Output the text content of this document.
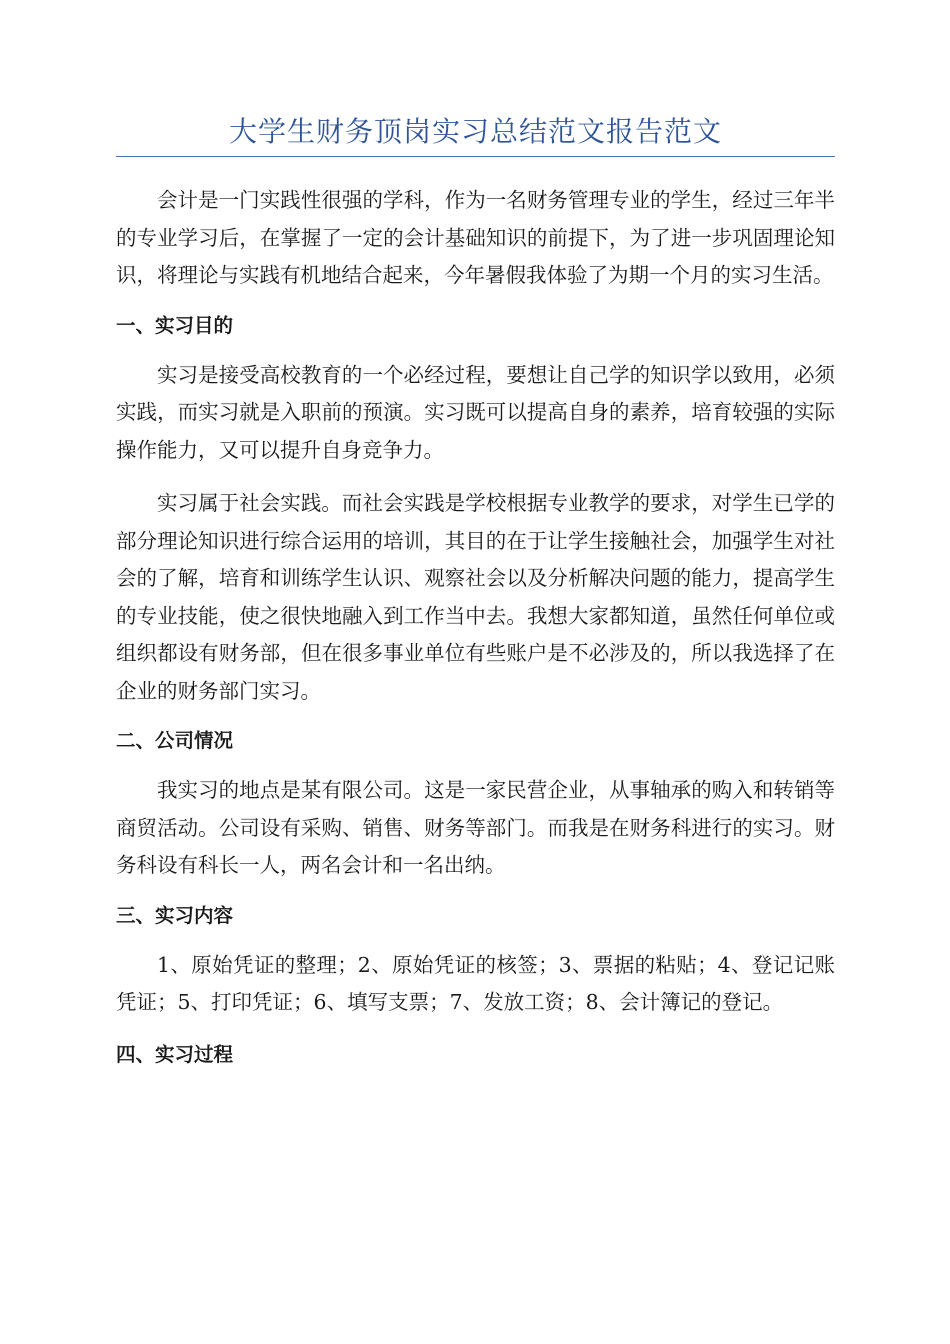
大学生财务顶岗实习总结范文报告范文

会计是一门实践性很强的学科，作为一名财务管理专业的学生，经过三年半的专业学习后，在掌握了一定的会计基础知识的前提下，为了进一步巩固理论知识，将理论与实践有机地结合起来，今年暑假我体验了为期一个月的实习生活。

一、实习目的

实习是接受高校教育的一个必经过程，要想让自己学的知识学以致用，必须实践，而实习就是入职前的预演。实习既可以提高自身的素养，培育较强的实际操作能力，又可以提升自身竞争力。

实习属于社会实践。而社会实践是学校根据专业教学的要求，对学生已学的部分理论知识进行综合运用的培训，其目的在于让学生接触社会，加强学生对社会的了解，培育和训练学生认识、观察社会以及分析解决问题的能力，提高学生的专业技能，使之很快地融入到工作当中去。我想大家都知道，虽然任何单位或组织都设有财务部，但在很多事业单位有些账户是不必涉及的，所以我选择了在企业的财务部门实习。

二、公司情况

我实习的地点是某有限公司。这是一家民营企业，从事轴承的购入和转销等商贸活动。公司设有采购、销售、财务等部门。而我是在财务科进行的实习。财务科设有科长一人，两名会计和一名出纳。

三、实习内容

1、原始凭证的整理；2、原始凭证的核签；3、票据的粘贴；4、登记记账凭证；5、打印凭证；6、填写支票；7、发放工资；8、会计簿记的登记。

四、实习过程
